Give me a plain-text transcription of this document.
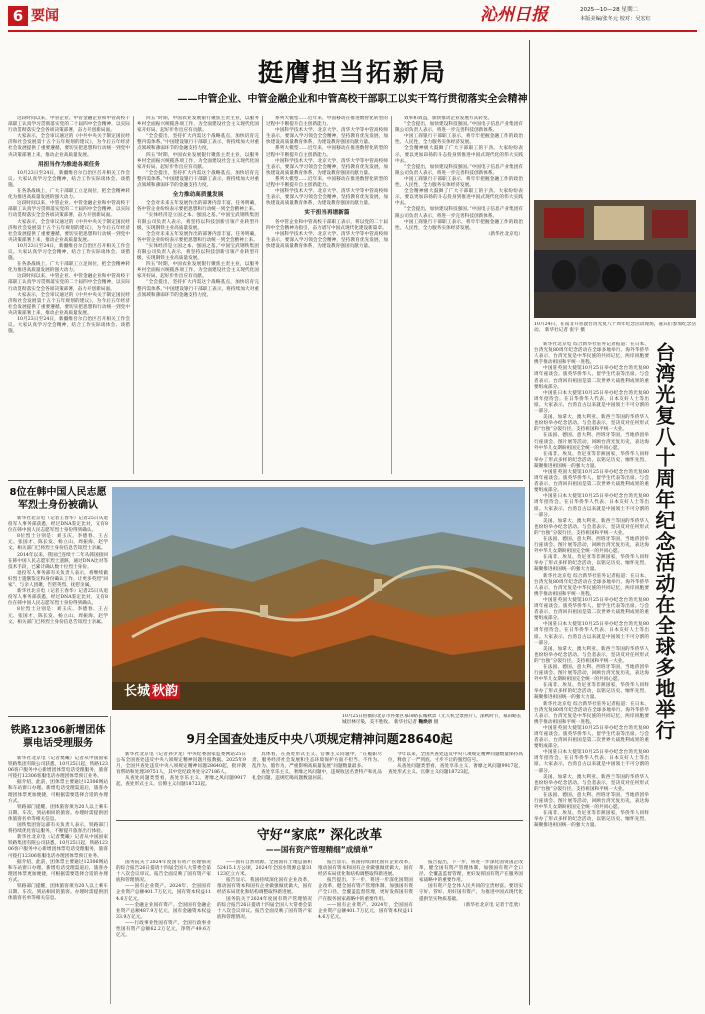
6 要闻	沁州日报	2025—10—28 星期二
本版美编/张冬元 校对：吴宏红
挺膺担当拓新局
——中管企业、中管金融企业和中管高校干部职工以实干笃行贯彻落实全会精神

这段时间以来，中管企业、中管金融企业和中管高校干部职工认真学习贯彻落实党的二十届四中全会精神，以实际行动贯彻落实全会各项决策部署，奋力开创新局面。

大家表示，全会审议通过的《中共中央关于制定国民经济和社会发展第十五个五年规划的建议》，为今后五年经济社会发展提供了重要遵循，要切实把思想和行动统一到党中央决策部署上来，推动企业高质量发展。

用担当作为推进各项任务

10月23日至24日，新疆维吾尔自治区召开相关工作会议。大家认真学习全会精神，结合工作实际谈体会、谈措施。

在各条战线上，广大干部职工立足岗位，把全会精神转化为推进高质量发展的强大动力。

这段时间以来，中管企业、中管金融企业和中管高校干部职工认真学习贯彻落实党的二十届四中全会精神，以实际行动贯彻落实全会各项决策部署，奋力开创新局面。

大家表示，全会审议通过的《中共中央关于制定国民经济和社会发展第十五个五年规划的建议》，为今后五年经济社会发展提供了重要遵循，要切实把思想和行动统一到党中央决策部署上来，推动企业高质量发展。

10月23日至24日，新疆维吾尔自治区召开相关工作会议。大家认真学习全会精神，结合工作实际谈体会、谈措施。

在各条战线上，广大干部职工立足岗位，把全会精神转化为推进高质量发展的强大动力。

这段时间以来，中管企业、中管金融企业和中管高校干部职工认真学习贯彻落实党的二十届四中全会精神，以实际行动贯彻落实全会各项决策部署，奋力开创新局面。

大家表示，全会审议通过的《中共中央关于制定国民经济和社会发展第十五个五年规划的建议》，为今后五年经济社会发展提供了重要遵循，要切实把思想和行动统一到党中央决策部署上来，推动企业高质量发展。

10月23日至24日，新疆维吾尔自治区召开相关工作会议。大家认真学习全会精神，结合工作实际谈体会、谈措施。

四五”时期，中国农业发展银行聚焦主责主业，以服务乡村全面振兴统揽各项工作，为全面建设社会主义现代化国家开好局、起好步作出应有贡献。

“全会提出，坚持扩大内需这个战略基点，加快培育完整内需体系。”中国建设银行干部职工表示，将持续加大对重点领域和薄弱环节的金融支持力度。

四五”时期，中国农业发展银行聚焦主责主业，以服务乡村全面振兴统揽各项工作，为全面建设社会主义现代化国家开好局、起好步作出应有贡献。

“全会提出，坚持扩大内需这个战略基点，加快培育完整内需体系。”中国建设银行干部职工表示，将持续加大对重点领域和薄弱环节的金融支持力度。

全力推动高质量发展

全会对未来五年发展作出的部署内容丰富、任务明确，各中管企业纷纷表示要把思想和行动统一到全会精神上来。

“实体经济是立国之本、强国之基。”中国宝武钢铁集团有限公司负责人表示，将坚持以科技创新引领产业转型升级，实现钢铁主业高质量发展。

全会对未来五年发展作出的部署内容丰富、任务明确，各中管企业纷纷表示要把思想和行动统一到全会精神上来。

“实体经济是立国之本、强国之基。”中国宝武钢铁集团有限公司负责人表示，将坚持以科技创新引领产业转型升级，实现钢铁主业高质量发展。

四五”时期，中国农业发展银行聚焦主责主业，以服务乡村全面振兴统揽各项工作，为全面建设社会主义现代化国家开好局、起好步作出应有贡献。

“全会提出，坚持扩大内需这个战略基点，加快培育完整内需体系。”中国建设银行干部职工表示，将持续加大对重点领域和薄弱环节的金融支持力度。

系列大模型……近年来，中国移动在推进数智化转型的过程中不断提升自主创新能力。

中国科学技术大学、北京大学、清华大学等中管高校师生表示，要深入学习领会全会精神，坚持教育优先发展，加快建设高质量教育体系，为建设教育强国贡献力量。

系列大模型……近年来，中国移动在推进数智化转型的过程中不断提升自主创新能力。

中国科学技术大学、北京大学、清华大学等中管高校师生表示，要深入学习领会全会精神，坚持教育优先发展，加快建设高质量教育体系，为建设教育强国贡献力量。

系列大模型……近年来，中国移动在推进数智化转型的过程中不断提升自主创新能力。

中国科学技术大学、北京大学、清华大学等中管高校师生表示，要深入学习领会全会精神，坚持教育优先发展，加快建设高质量教育体系，为建设教育强国贡献力量。

实干担当再谱新篇

各中管企业和中管高校干部职工表示，将以党的二十届四中全会精神为指引，奋力谱写中国式现代化建设新篇章。

中国科学技术大学、北京大学、清华大学等中管高校师生表示，要深入学习领会全会精神，坚持教育优先发展，加快建设高质量教育体系，为建设教育强国贡献力量。

效率和效益，加快推动企业发展方式转变。

“全会提出，加快建设科技强国。”中国电子信息产业集团有限公司负责人表示，将进一步完善科技创新体系。

中国工商银行干部职工表示，将牢牢把握金融工作的政治性、人民性，全力服务实体经济发展。

全会精神极大鼓舞了广大干部职工的干劲。大家纷纷表示，要以更加昂扬的斗志投身到推进中国式现代化的伟大实践中去。

“全会提出，加快建设科技强国。”中国电子信息产业集团有限公司负责人表示，将进一步完善科技创新体系。

中国工商银行干部职工表示，将牢牢把握金融工作的政治性、人民性，全力服务实体经济发展。

全会精神极大鼓舞了广大干部职工的干劲。大家纷纷表示，要以更加昂扬的斗志投身到推进中国式现代化的伟大实践中去。

“全会提出，加快建设科技强国。”中国电子信息产业集团有限公司负责人表示，将进一步完善科技创新体系。

中国工商银行干部职工表示，将牢牢把握金融工作的政治性、人民性，全力服务实体经济发展。

（新华社北京电）

10月24日，在南非开普敦台湾光复八十周年纪念活动现场，嘉宾们参加纪念活动。 新华社记者 张宇 摄

新华社北京电 综合新华社驻外记者报道：在日本、台湾光复80周年纪念活动在全球多地举行。海外华侨华人表示，台湾光复是中华民族的共同记忆，两岸同胞要携手推动祖国和平统一进程。

中国驻英国大使馆10月25日举办纪念台湾光复80周年座谈会。旅英华侨华人、留学生代表等出席。与会者表示，台湾回归祖国是第二次世界大战胜利成果的重要组成部分。

中国驻日本大使馆10月25日举办纪念台湾光复80周年招待会。在日华侨华人代表、日本友好人士等出席。大家表示，台湾自古以来就是中国领土不可分割的一部分。

美国、加拿大、澳大利亚、新西兰等国的华侨华人也纷纷举办纪念活动。与会者表示，坚决反对任何形式的“台独”分裂行径，支持祖国和平统一大业。

在法国、德国、意大利、西班牙等国，当地侨团举行座谈会、图片展等活动，回顾台湾光复历史，表达海外中华儿女期盼祖国完全统一的共同心愿。

在南非、埃及、肯尼亚等非洲国家，华侨华人同样举办了形式多样的纪念活动，以铭记历史、缅怀先烈，凝聚推进祖国统一的强大力量。

中国驻英国大使馆10月25日举办纪念台湾光复80周年座谈会。旅英华侨华人、留学生代表等出席。与会者表示，台湾回归祖国是第二次世界大战胜利成果的重要组成部分。

中国驻日本大使馆10月25日举办纪念台湾光复80周年招待会。在日华侨华人代表、日本友好人士等出席。大家表示，台湾自古以来就是中国领土不可分割的一部分。

美国、加拿大、澳大利亚、新西兰等国的华侨华人也纷纷举办纪念活动。与会者表示，坚决反对任何形式的“台独”分裂行径，支持祖国和平统一大业。

在法国、德国、意大利、西班牙等国，当地侨团举行座谈会、图片展等活动，回顾台湾光复历史，表达海外中华儿女期盼祖国完全统一的共同心愿。

在南非、埃及、肯尼亚等非洲国家，华侨华人同样举办了形式多样的纪念活动，以铭记历史、缅怀先烈，凝聚推进祖国统一的强大力量。

新华社北京电 综合新华社驻外记者报道：在日本、台湾光复80周年纪念活动在全球多地举行。海外华侨华人表示，台湾光复是中华民族的共同记忆，两岸同胞要携手推动祖国和平统一进程。

中国驻英国大使馆10月25日举办纪念台湾光复80周年座谈会。旅英华侨华人、留学生代表等出席。与会者表示，台湾回归祖国是第二次世界大战胜利成果的重要组成部分。

中国驻日本大使馆10月25日举办纪念台湾光复80周年招待会。在日华侨华人代表、日本友好人士等出席。大家表示，台湾自古以来就是中国领土不可分割的一部分。

美国、加拿大、澳大利亚、新西兰等国的华侨华人也纷纷举办纪念活动。与会者表示，坚决反对任何形式的“台独”分裂行径，支持祖国和平统一大业。

在法国、德国、意大利、西班牙等国，当地侨团举行座谈会、图片展等活动，回顾台湾光复历史，表达海外中华儿女期盼祖国完全统一的共同心愿。

在南非、埃及、肯尼亚等非洲国家，华侨华人同样举办了形式多样的纪念活动，以铭记历史、缅怀先烈，凝聚推进祖国统一的强大力量。

新华社北京电 综合新华社驻外记者报道：在日本、台湾光复80周年纪念活动在全球多地举行。海外华侨华人表示，台湾光复是中华民族的共同记忆，两岸同胞要携手推动祖国和平统一进程。

中国驻英国大使馆10月25日举办纪念台湾光复80周年座谈会。旅英华侨华人、留学生代表等出席。与会者表示，台湾回归祖国是第二次世界大战胜利成果的重要组成部分。

中国驻日本大使馆10月25日举办纪念台湾光复80周年招待会。在日华侨华人代表、日本友好人士等出席。大家表示，台湾自古以来就是中国领土不可分割的一部分。

美国、加拿大、澳大利亚、新西兰等国的华侨华人也纷纷举办纪念活动。与会者表示，坚决反对任何形式的“台独”分裂行径，支持祖国和平统一大业。

在法国、德国、意大利、西班牙等国，当地侨团举行座谈会、图片展等活动，回顾台湾光复历史，表达海外中华儿女期盼祖国完全统一的共同心愿。

在南非、埃及、肯尼亚等非洲国家，华侨华人同样举办了形式多样的纪念活动，以铭记历史、缅怀先烈，凝聚推进祖国统一的强大力量。

台湾光复八十周年纪念活动在全球多地举行
8位在韩中国人民志愿军烈士身份被确认

新华社北京电（记者王春华）记者25日从退役军人事务部获悉，经过DNA鉴定比对，又有8位在韩中国人民志愿军烈士身份得到确认。

8位烈士分别是：刘玉庆、李德春、王占元、张国才、陈长发、杨立山、周振海、赵学文。相关部门已将烈士身份信息告知烈士亲属。

2014年以来，我国已连续十二年从韩国接回在韩中国人民志愿军烈士遗骸，通过DNA比对等技术手段，已累计确认数十位烈士身份。

退役军人事务部有关负责人表示，将继续做好烈士遗骸鉴定和身份确认工作，让更多英烈“回家”、与亲人团聚，告慰英烈、抚慰亲属。

新华社北京电（记者王春华）记者25日从退役军人事务部获悉，经过DNA鉴定比对，又有8位在韩中国人民志愿军烈士身份得到确认。

8位烈士分别是：刘玉庆、李德春、王占元、张国才、陈长发、杨立山、周振海、赵学文。相关部门已将烈士身份信息告知烈士亲属。

长城 秋韵
10月25日拍摄的北京市怀柔区慕田峪长城秋景（无人机全景照片）。深秋时节，慕田峪长城层林尽染，美不胜收。 新华社记者 鞠焕宗 摄
铁路12306新增团体票电话受理服务

新华社北京电（记者樊曦）记者从中国国家铁路集团有限公司获悉，10月25日起，铁路12306客户服务中心新增团体票电话受理服务，旅客可拨打12306客服电话办理团体票预订业务。

据介绍，此前，团体票主要通过12306网站和车站窗口办理。新增电话受理渠道后，旅客办理团体票更加便捷，可根据需要选择合适的办理方式。

铁路部门提醒，团体旅客须为20人以上乘车日期、车次、到站相同的旅客。办理时需提供团体旅客名单等相关信息。

国铁集团客运部有关负责人表示，铁路部门将持续优化客运服务，不断提升旅客出行体验。

新华社北京电（记者樊曦）记者从中国国家铁路集团有限公司获悉，10月25日起，铁路12306客户服务中心新增团体票电话受理服务，旅客可拨打12306客服电话办理团体票预订业务。

据介绍，此前，团体票主要通过12306网站和车站窗口办理。新增电话受理渠道后，旅客办理团体票更加便捷，可根据需要选择合适的办理方式。

铁路部门提醒，团体旅客须为20人以上乘车日期、车次、到站相同的旅客。办理时需提供团体旅客名单等相关信息。

9月全国查处违反中央八项规定精神问题28640起

新华社北京电（记者孙少龙）中央纪委国家监委网站25日公布全国查处违反中央八项规定精神问题月报数据。2025年9月，全国共查处违反中央八项规定精神问题28640起，批评教育帮助和处理39751人，其中党纪政务处分27186人。

从查处问题类型看，查处享乐主义、奢靡之风问题9917起，查处形式主义、官僚主义问题18723起。

具体看，在查处形式主义、官僚主义问题中，“在履职尽责、服务经济社会发展和生态环境保护方面不担当、不作为、乱作为、假作为，严重影响高质量发展”问题数量最多。

查处享乐主义、奢靡之风问题中，违规收送名贵特产和礼品礼金问题、违规吃喝问题数量居前。

今年以来，全国共查处违反中央八项规定精神问题数量保持高位，释放了一严到底、寸步不让的强烈信号。

从查处问题类型看，查处享乐主义、奢靡之风问题9917起，查处形式主义、官僚主义问题18723起。

守好“家底” 深化改革
——国有资产管理精细“成绩单”

国务院关于2024年度国有资产管理情况的综合报告26日提请十四届全国人大常委会第十八次会议审议。报告全面反映了国有资产家底和管理情况。

——国有企业资产。2024年，全国国有企业资产总额401.7万亿元，国有资本权益114.6万亿元。

——金融企业国有资产。全国国有金融企业资产总额487.9万亿元，国有金融资本权益33.9万亿元。

——行政事业性国有资产。全国行政事业性国有资产总额62.2万亿元，净资产49.6万亿元。

——国有自然资源。全国国有土地总面积52415.1万公顷，2024年全国水资源总量31123亿立方米。

报告显示，我国持续深化国有企业改革，推动国有资本和国有企业做强做优做大，国有经济布局优化和结构调整取得新进展。

国务院关于2024年度国有资产管理情况的综合报告26日提请十四届全国人大常委会第十八次会议审议。报告全面反映了国有资产家底和管理情况。

报告显示，我国持续深化国有企业改革，推动国有资本和国有企业做强做优做大，国有经济布局优化和结构调整取得新进展。

报告提出，下一步，将进一步深化国资国企改革，健全国有资产管理体制，加强国有资产全口径、全覆盖监督管理，更好发挥国有资产在服务国家战略中的重要作用。

——国有企业资产。2024年，全国国有企业资产总额401.7万亿元，国有资本权益114.6万亿元。

报告提出，下一步，将进一步深化国资国企改革，健全国有资产管理体制，加强国有资产全口径、全覆盖监督管理，更好发挥国有资产在服务国家战略中的重要作用。

国有资产是全体人民共同的宝贵财富。要切实守好、管好、用好国有资产，为推进中国式现代化提供坚实物质基础。

（新华社北京电 记者于佳欣）
